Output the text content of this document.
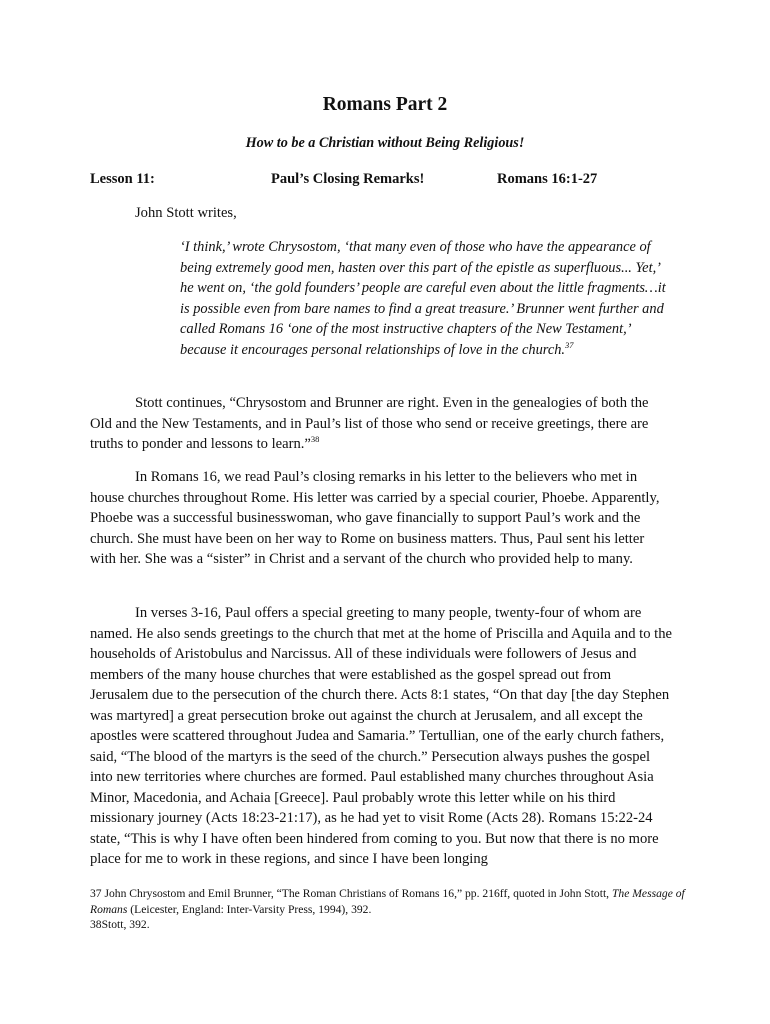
Romans Part 2
How to be a Christian without Being Religious!
Lesson 11:	Paul’s Closing Remarks!	Romans 16:1-27
John Stott writes,
‘I think,’ wrote Chrysostom, ‘that many even of those who have the appearance of being extremely good men, hasten over this part of the epistle as superfluous... Yet,’ he went on, ‘the gold founders’ people are careful even about the little fragments…it is possible even from bare names to find a great treasure.’ Brunner went further and called Romans 16 ‘one of the most instructive chapters of the New Testament,’ because it encourages personal relationships of love in the church.$^{37}$
Stott continues, “Chrysostom and Brunner are right. Even in the genealogies of both the Old and the New Testaments, and in Paul’s list of those who send or receive greetings, there are truths to ponder and lessons to learn.”$^{38}$
In Romans 16, we read Paul’s closing remarks in his letter to the believers who met in house churches throughout Rome. His letter was carried by a special courier, Phoebe. Apparently, Phoebe was a successful businesswoman, who gave financially to support Paul’s work and the church. She must have been on her way to Rome on business matters. Thus, Paul sent his letter with her. She was a “sister” in Christ and a servant of the church who provided help to many.
In verses 3-16, Paul offers a special greeting to many people, twenty-four of whom are named. He also sends greetings to the church that met at the home of Priscilla and Aquila and to the households of Aristobulus and Narcissus. All of these individuals were followers of Jesus and members of the many house churches that were established as the gospel spread out from Jerusalem due to the persecution of the church there. Acts 8:1 states, “On that day [the day Stephen was martyred] a great persecution broke out against the church at Jerusalem, and all except the apostles were scattered throughout Judea and Samaria.” Tertullian, one of the early church fathers, said, “The blood of the martyrs is the seed of the church.” Persecution always pushes the gospel into new territories where churches are formed. Paul established many churches throughout Asia Minor, Macedonia, and Achaia [Greece]. Paul probably wrote this letter while on his third missionary journey (Acts 18:23-21:17), as he had yet to visit Rome (Acts 28). Romans 15:22-24 state, “This is why I have often been hindered from coming to you. But now that there is no more place for me to work in these regions, and since I have been longing

37 John Chrysostom and Emil Brunner, “The Roman Christians of Romans 16,” pp. 216ff, quoted in John Stott, The Message of Romans (Leicester, England: Inter-Varsity Press, 1994), 392.

38Stott, 392.
